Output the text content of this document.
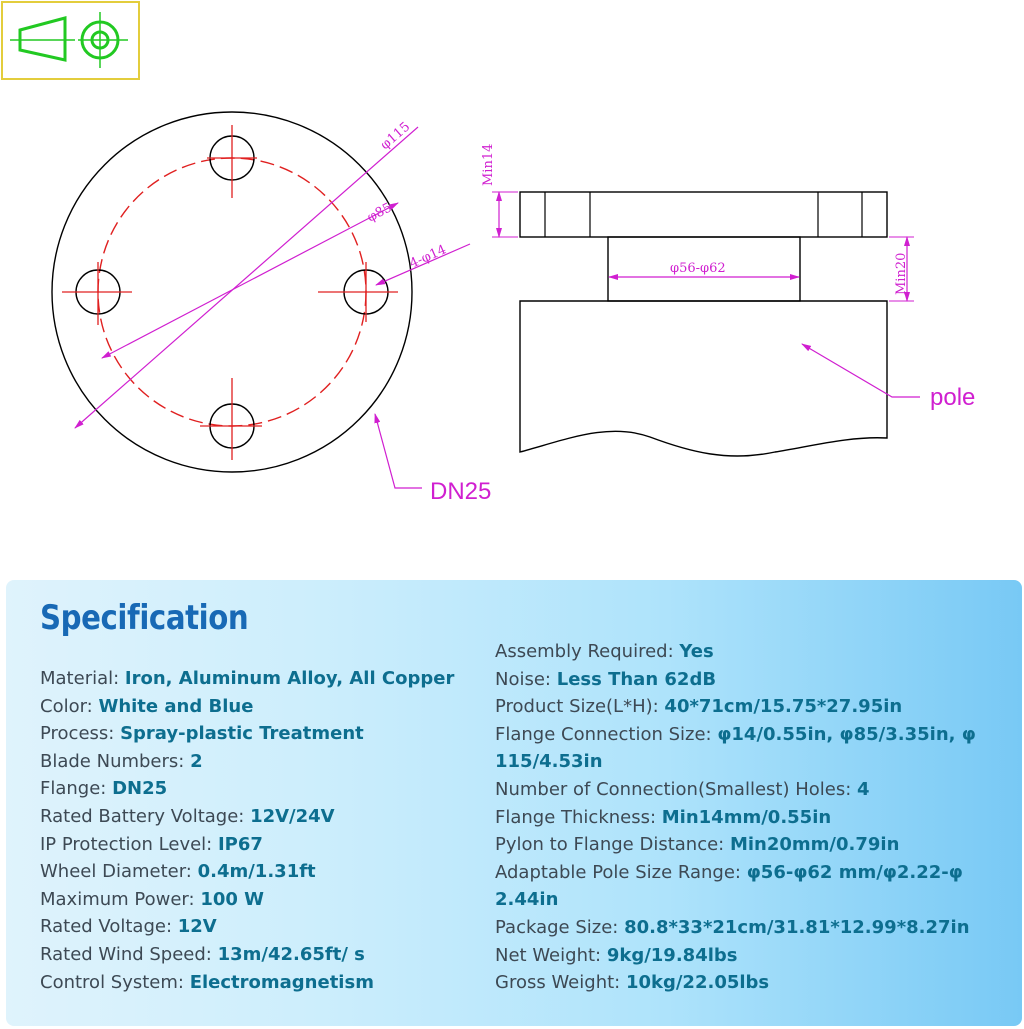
φ115
φ85
4-φ14
DN25
Min14
Min20
φ56-φ62
pole
Specification
Material: Iron, Aluminum Alloy, All Copper
Color: White and Blue
Process: Spray-plastic Treatment
Blade Numbers: 2
Flange: DN25
Rated Battery Voltage: 12V/24V
IP Protection Level: IP67
Wheel Diameter: 0.4m/1.31ft
Maximum Power: 100 W
Rated Voltage: 12V
Rated Wind Speed: 13m/42.65ft/ s
Control System: Electromagnetism
Assembly Required: Yes
Noise: Less Than 62dB
Product Size(L*H): 40*71cm/15.75*27.95in
Flange Connection Size: φ14/0.55in, φ85/3.35in, φ 115/4.53in
Number of Connection(Smallest) Holes: 4
Flange Thickness: Min14mm/0.55in
Pylon to Flange Distance: Min20mm/0.79in
Adaptable Pole Size Range: φ56-φ62 mm/φ2.22-φ 2.44in
Package Size: 80.8*33*21cm/31.81*12.99*8.27in
Net Weight: 9kg/19.84lbs
Gross Weight: 10kg/22.05lbs
